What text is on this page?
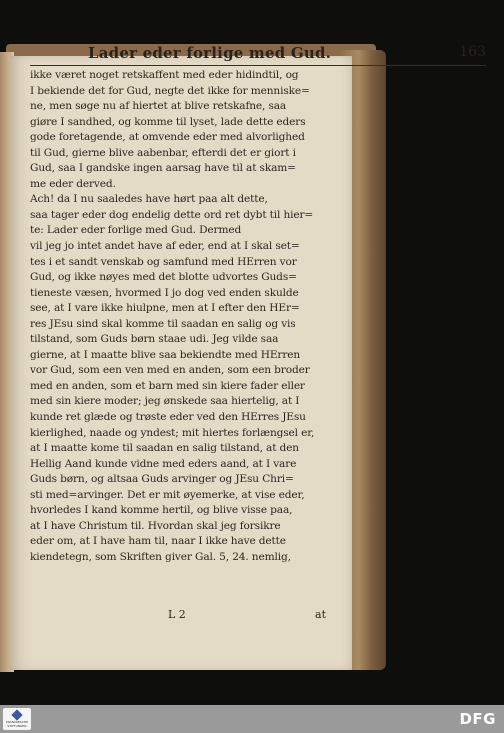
Lader eder forlige med Gud.	163
ikke været noget retskaffent med eder hidindtil, og
I bekiende det for Gud, negte det ikke for menniske=
ne, men søge nu af hiertet at blive retskafne, saa
giøre I sandhed, og komme til lyset, lade dette eders
gode foretagende, at omvende eder med alvorlighed
til Gud, gierne blive aabenbar, efterdi det er giort i
Gud, saa I gandske ingen aarsag have til at skam=
me eder derved.
Ach! da I nu saaledes have hørt paa alt dette,
saa tager eder dog endelig dette ord ret dybt til hier=
te: Lader eder forlige med Gud. Dermed
vil jeg jo intet andet have af eder, end at I skal set=
tes i et sandt venskab og samfund med HErren vor
Gud, og ikke nøyes med det blotte udvortes Guds=
tieneste væsen, hvormed I jo dog ved enden skulde
see, at I vare ikke hiulpne, men at I efter den HEr=
res JEsu sind skal komme til saadan en salig og vis
tilstand, som Guds børn staae udi. Jeg vilde saa
gierne, at I maatte blive saa bekiendte med HErren
vor Gud, som een ven med en anden, som een broder
med en anden, som et barn med sin kiere fader eller
med sin kiere moder; jeg ønskede saa hiertelig, at I
kunde ret glæde og trøste eder ved den HErres JEsu
kierlighed, naade og yndest; mit hiertes forlængsel er,
at I maatte kome til saadan en salig tilstand, at den
Hellig Aand kunde vidne med eders aand, at I vare
Guds børn, og altsaa Guds arvinger og JEsu Chri=
sti med=arvinger. Det er mit øyemerke, at vise eder,
hvorledes I kand komme hertil, og blive visse paa,
at I have Christum til. Hvordan skal jeg forsikre
eder om, at I have ham til, naar I ikke have dette
kiendetegn, som Skriften giver Gal. 5, 24. nemlig,
L 2	at
FRANCKESCHE STIFTUNGEN	DFG
